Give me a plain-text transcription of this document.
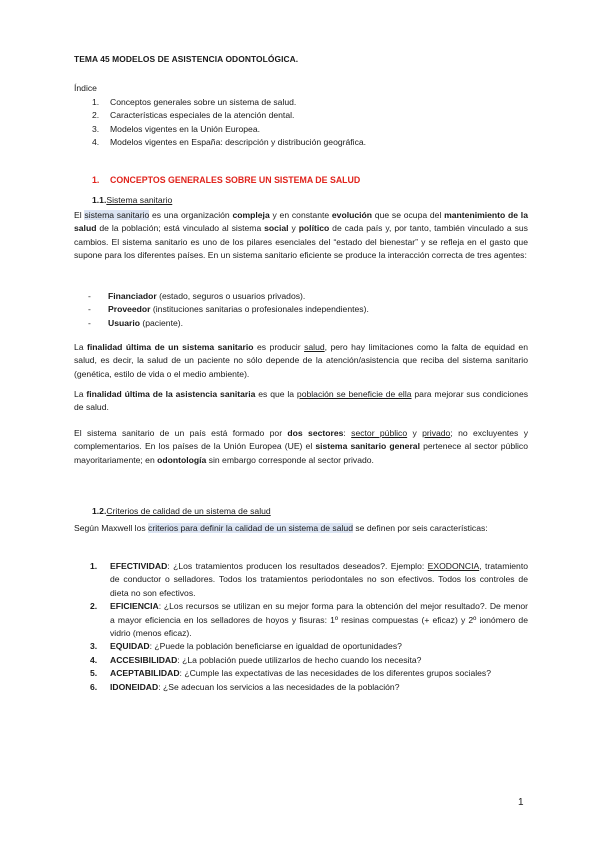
TEMA 45 MODELOS DE ASISTENCIA ODONTOLÓGICA.
Índice
1.	Conceptos generales sobre un sistema de salud.
2.	Características especiales de la atención dental.
3.	Modelos vigentes en la Unión Europea.
4.	Modelos vigentes en España: descripción y distribución geográfica.
1. CONCEPTOS GENERALES SOBRE UN SISTEMA DE SALUD
1.1.Sistema sanitario
El sistema sanitario es una organización compleja y en constante evolución que se ocupa del mantenimiento de la salud de la población; está vinculado al sistema social y político de cada país y, por tanto, también vinculado a sus cambios. El sistema sanitario es uno de los pilares esenciales del “estado del bienestar” y se refleja en el gasto que supone para los diferentes países. En un sistema sanitario eficiente se produce la interacción correcta de tres agentes:
-	Financiador (estado, seguros o usuarios privados).
-	Proveedor (instituciones sanitarias o profesionales independientes).
-	Usuario (paciente).
La finalidad última de un sistema sanitario es producir salud, pero hay limitaciones como la falta de equidad en salud, es decir, la salud de un paciente no sólo depende de la atención/asistencia que reciba del sistema sanitario (genética, estilo de vida o el medio ambiente).
La finalidad última de la asistencia sanitaria es que la población se beneficie de ella para mejorar sus condiciones de salud.
El sistema sanitario de un país está formado por dos sectores: sector público y privado; no excluyentes y complementarios. En los países de la Unión Europea (UE) el sistema sanitario general pertenece al sector público mayoritariamente; en odontología sin embargo corresponde al sector privado.
1.2.Criterios de calidad de un sistema de salud
Según Maxwell los criterios para definir la calidad de un sistema de salud se definen por seis características:
1.	EFECTIVIDAD: ¿Los tratamientos producen los resultados deseados?. Ejemplo: EXODONCIA, tratamiento de conductor o selladores. Todos los tratamientos periodontales no son efectivos. Todos los controles de dieta no son efectivos.
2.	EFICIENCIA: ¿Los recursos se utilizan en su mejor forma para la obtención del mejor resultado?. De menor a mayor eficiencia en los selladores de hoyos y fisuras: 1º resinas compuestas (+ eficaz) y 2º ionómero de vidrio (menos eficaz).
3.	EQUIDAD: ¿Puede la población beneficiarse en igualdad de oportunidades?
4.	ACCESIBILIDAD: ¿La población puede utilizarlos de hecho cuando los necesita?
5.	ACEPTABILIDAD: ¿Cumple las expectativas de las necesidades de los diferentes grupos sociales?
6.	IDONEIDAD: ¿Se adecuan los servicios a las necesidades de la población?
1
